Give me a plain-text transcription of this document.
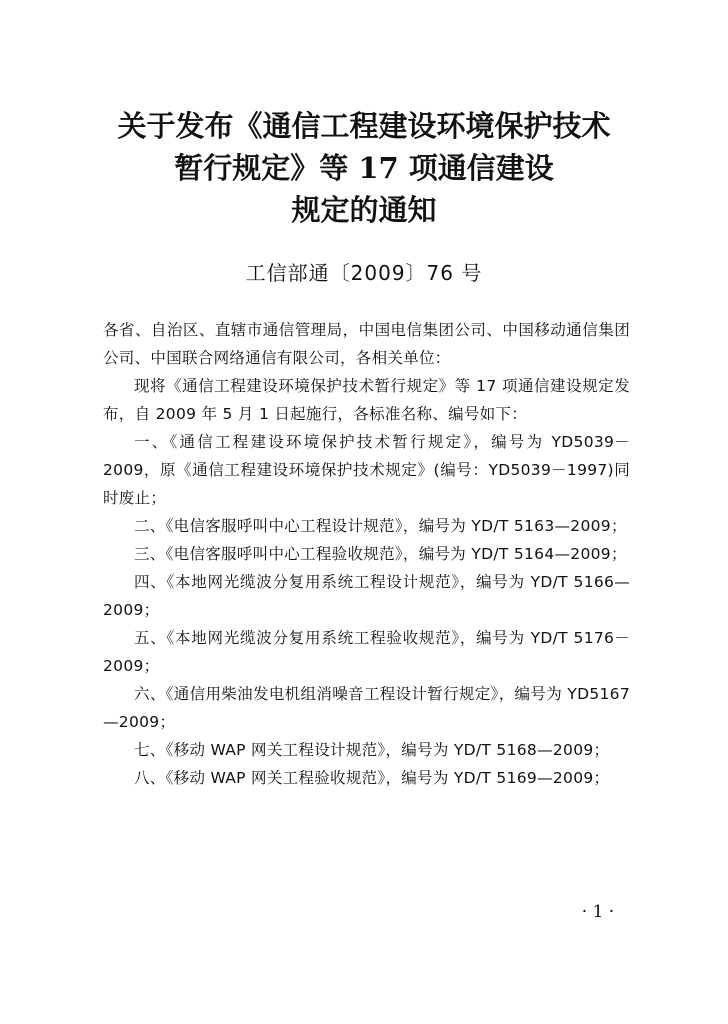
关于发布《通信工程建设环境保护技术
暂行规定》等 17 项通信建设
规定的通知
工信部通〔2009〕76 号

各省、自治区、直辖市通信管理局，中国电信集团公司、中国移动通信集团公司、中国联合网络通信有限公司，各相关单位：

现将《通信工程建设环境保护技术暂行规定》等 17 项通信建设规定发布，自 2009 年 5 月 1 日起施行，各标准名称、编号如下：

一、《通信工程建设环境保护技术暂行规定》，编号为 YD5039－2009，原《通信工程建设环境保护技术规定》(编号：YD5039－1997)同时废止；

二、《电信客服呼叫中心工程设计规范》，编号为 YD/T 5163—2009；

三、《电信客服呼叫中心工程验收规范》，编号为 YD/T 5164—2009；

四、《本地网光缆波分复用系统工程设计规范》，编号为 YD/T 5166—2009；

五、《本地网光缆波分复用系统工程验收规范》，编号为 YD/T 5176－2009；

六、《通信用柴油发电机组消噪音工程设计暂行规定》，编号为 YD5167—2009；

七、《移动 WAP 网关工程设计规范》，编号为 YD/T 5168—2009；

八、《移动 WAP 网关工程验收规范》，编号为 YD/T 5169—2009；

· 1 ·
